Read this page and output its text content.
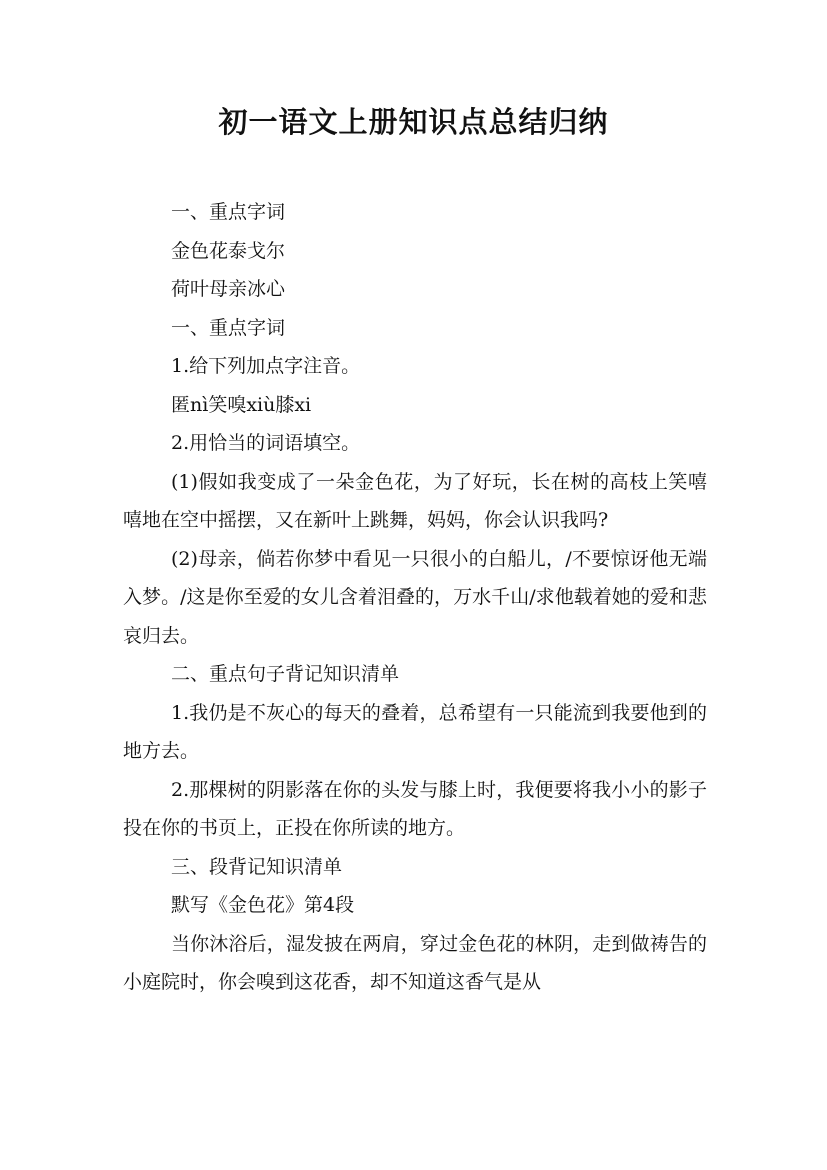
初一语文上册知识点总结归纳

一、重点字词

金色花泰戈尔

荷叶母亲冰心

一、重点字词

1.给下列加点字注音。

匿nì笑嗅xiù膝xi

2.用恰当的词语填空。

(1)假如我变成了一朵金色花，为了好玩，长在树的高枝上笑嘻嘻地在空中摇摆，又在新叶上跳舞，妈妈，你会认识我吗?

(2)母亲，倘若你梦中看见一只很小的白船儿，/不要惊讶他无端入梦。/这是你至爱的女儿含着泪叠的，万水千山/求他载着她的爱和悲哀归去。

二、重点句子背记知识清单

1.我仍是不灰心的每天的叠着，总希望有一只能流到我要他到的地方去。

2.那棵树的阴影落在你的头发与膝上时，我便要将我小小的影子投在你的书页上，正投在你所读的地方。

三、段背记知识清单

默写《金色花》第4段

当你沐浴后，湿发披在两肩，穿过金色花的林阴，走到做祷告的小庭院时，你会嗅到这花香，却不知道这香气是从
